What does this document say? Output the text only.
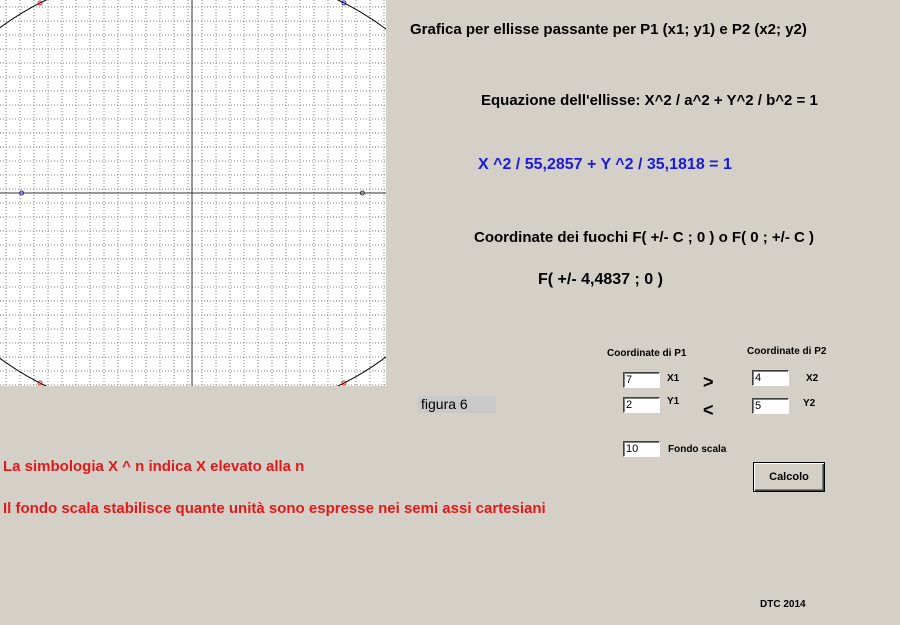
Grafica per ellisse passante per P1 (x1; y1) e P2 (x2; y2)
Equazione dell'ellisse: X^2 / a^2 + Y^2 / b^2 = 1
X ^2 / 55,2857 + Y ^2 / 35,1818 = 1
Coordinate dei fuochi F( +/- C ; 0 ) o F( 0 ; +/- C )
F( +/- 4,4837 ; 0 )
Coordinate di P1	Coordinate di P2
7	X1
2	Y1
>
<
4	X2
5	Y2
figura 6
10	Fondo scala
Calcolo
La simbologia X ^ n indica X elevato alla n
Il fondo scala stabilisce quante unità sono espresse nei semi assi cartesiani
DTC 2014
